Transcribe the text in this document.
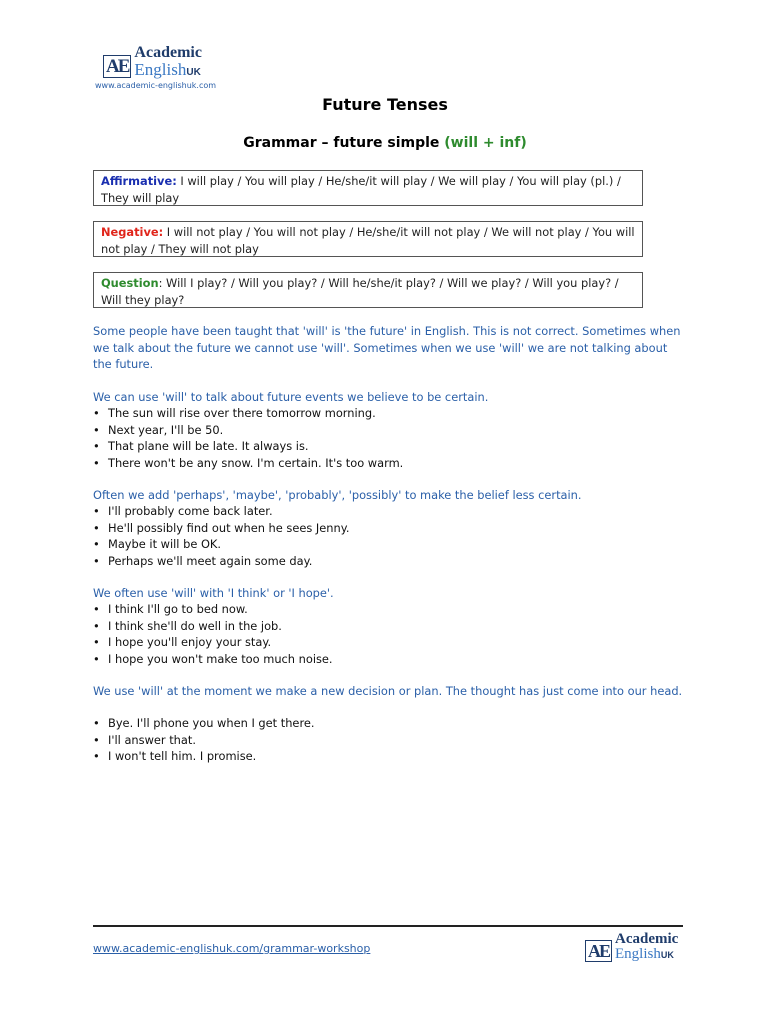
AE
Academic
EnglishUK
www.academic-englishuk.com
Future Tenses
Grammar – future simple (will + inf)
Affirmative: I will play / You will play / He/she/it will play / We will play / You will play (pl.) / They will play
Negative: I will not play / You will not play / He/she/it will not play / We will not play / You will not play / They will not play
Question: Will I play? / Will you play? / Will he/she/it play? / Will we play? / Will you play? / Will they play?
Some people have been taught that 'will' is 'the future' in English. This is not correct. Sometimes when we talk about the future we cannot use 'will'. Sometimes when we use 'will' we are not talking about the future.
We can use 'will' to talk about future events we believe to be certain.
• The sun will rise over there tomorrow morning.
• Next year, I'll be 50.
• That plane will be late. It always is.
• There won't be any snow. I'm certain. It's too warm.
Often we add 'perhaps', 'maybe', 'probably', 'possibly' to make the belief less certain.
• I'll probably come back later.
• He'll possibly find out when he sees Jenny.
• Maybe it will be OK.
• Perhaps we'll meet again some day.
We often use 'will' with 'I think' or 'I hope'.
• I think I'll go to bed now.
• I think she'll do well in the job.
• I hope you'll enjoy your stay.
• I hope you won't make too much noise.
We use 'will' at the moment we make a new decision or plan. The thought has just come into our head.
• Bye. I'll phone you when I get there.
• I'll answer that.
• I won't tell him. I promise.
www.academic-englishuk.com/grammar-workshop	AE
Academic
EnglishUK
